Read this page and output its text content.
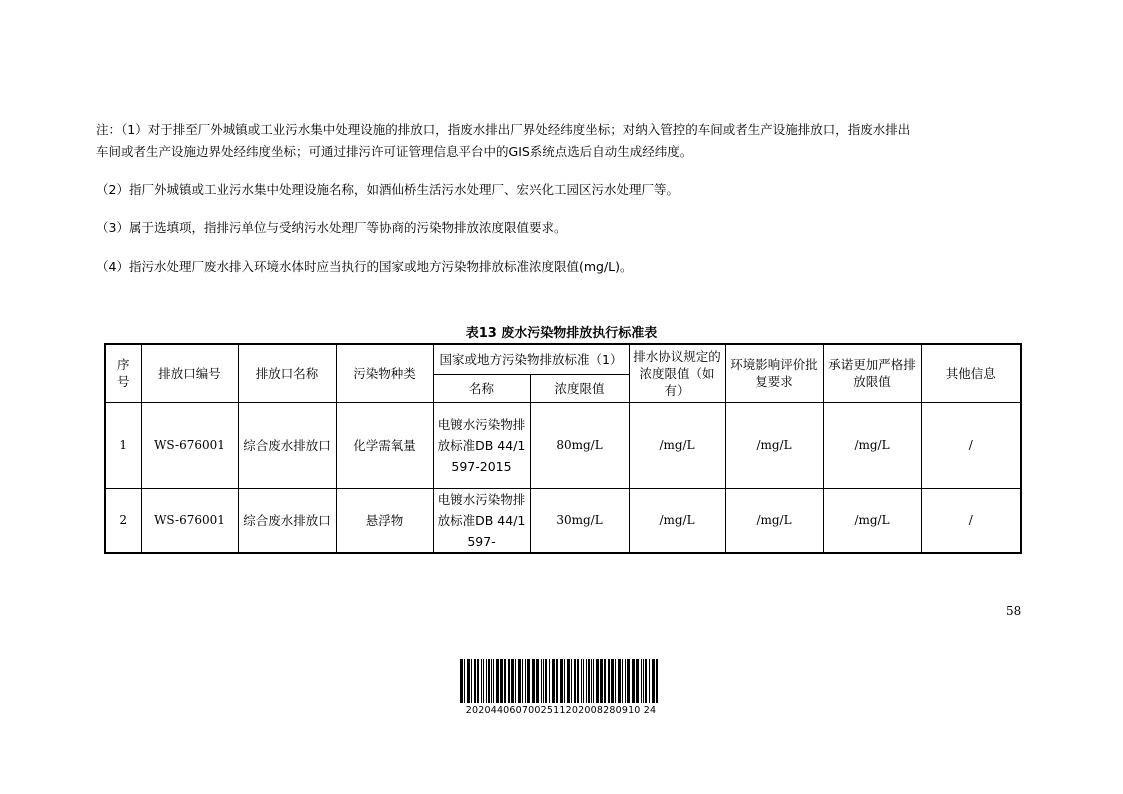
注：（1）对于排至厂外城镇或工业污水集中处理设施的排放口，指废水排出厂界处经纬度坐标；对纳入管控的车间或者生产设施排放口，指废水排出
车间或者生产设施边界处经纬度坐标；可通过排污许可证管理信息平台中的GIS系统点选后自动生成经纬度。
（2）指厂外城镇或工业污水集中处理设施名称，如酒仙桥生活污水处理厂、宏兴化工园区污水处理厂等。
（3）属于选填项，指排污单位与受纳污水处理厂等协商的污染物排放浓度限值要求。
（4）指污水处理厂废水排入环境水体时应当执行的国家或地方污染物排放标准浓度限值(mg/L)。
表13 废水污染物排放执行标准表
序
号	排放口编号	排放口名称	污染物种类	国家或地方污染物排放标准（1）		排水协议规定的浓度限值（如有）	环境影响评价批复要求	承诺更加严格排放限值	其他信息
				名称	浓度限值				
1	WS-676001	综合废水排放口	化学需氧量	电镀水污染物排放标准DB 44/1597-2015	80mg/L	/mg/L	/mg/L	/mg/L	/
2	WS-676001	综合废水排放口	悬浮物	电镀水污染物排放标准DB 44/1597-	30mg/L	/mg/L	/mg/L	/mg/L	/
58
2020440607002511202008280910 24
